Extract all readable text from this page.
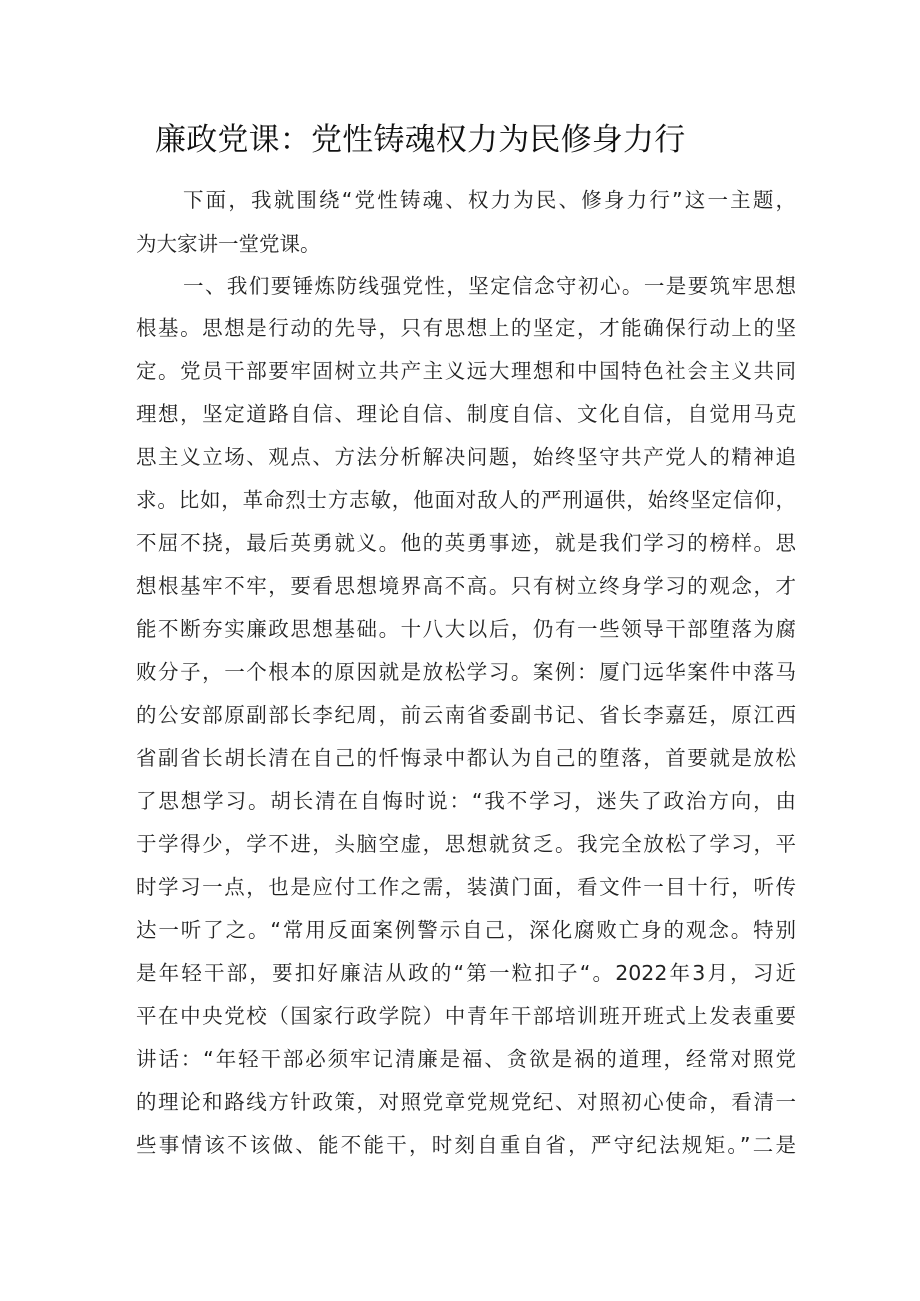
廉政党课：党性铸魂权力为民修身力行
下面，我就围绕“党性铸魂、权力为民、修身力行”这一主题，
为大家讲一堂党课。
一、我们要锤炼防线强党性，坚定信念守初心。一是要筑牢思想
根基。思想是行动的先导，只有思想上的坚定，才能确保行动上的坚
定。党员干部要牢固树立共产主义远大理想和中国特色社会主义共同
理想，坚定道路自信、理论自信、制度自信、文化自信，自觉用马克
思主义立场、观点、方法分析解决问题，始终坚守共产党人的精神追
求。比如，革命烈士方志敏，他面对敌人的严刑逼供，始终坚定信仰，
不屈不挠，最后英勇就义。他的英勇事迹，就是我们学习的榜样。思
想根基牢不牢，要看思想境界高不高。只有树立终身学习的观念，才
能不断夯实廉政思想基础。十八大以后，仍有一些领导干部堕落为腐
败分子，一个根本的原因就是放松学习。案例：厦门远华案件中落马
的公安部原副部长李纪周，前云南省委副书记、省长李嘉廷，原江西
省副省长胡长清在自己的忏悔录中都认为自己的堕落，首要就是放松
了思想学习。胡长清在自悔时说：“我不学习，迷失了政治方向，由
于学得少，学不进，头脑空虚，思想就贫乏。我完全放松了学习，平
时学习一点，也是应付工作之需，装潢门面，看文件一目十行，听传
达一听了之。“常用反面案例警示自己，深化腐败亡身的观念。特别
是年轻干部，要扣好廉洁从政的“第一粒扣子“。2022年3月，习近
平在中央党校（国家行政学院）中青年干部培训班开班式上发表重要
讲话：“年轻干部必须牢记清廉是福、贪欲是祸的道理，经常对照党
的理论和路线方针政策，对照党章党规党纪、对照初心使命，看清一
些事情该不该做、能不能干，时刻自重自省，严守纪法规矩。”二是
